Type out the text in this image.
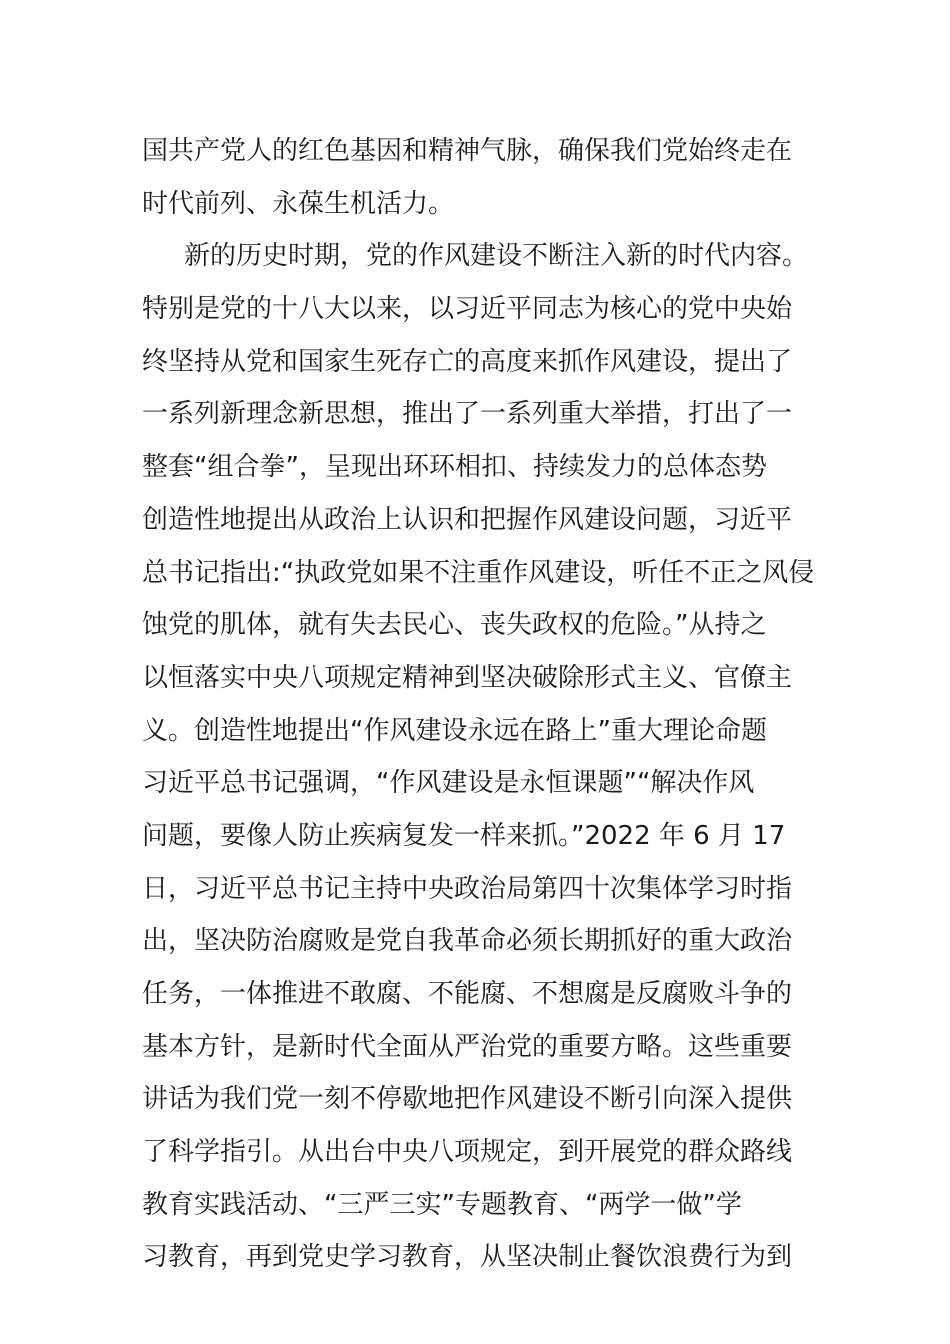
国共产党人的红色基因和精神气脉，确保我们党始终走在
时代前列、永葆生机活力。
新的历史时期，党的作风建设不断注入新的时代内容。
特别是党的十八大以来，以习近平同志为核心的党中央始
终坚持从党和国家生死存亡的高度来抓作风建设，提出了
一系列新理念新思想，推出了一系列重大举措，打出了一
整套“组合拳”，呈现出环环相扣、持续发力的总体态势
创造性地提出从政治上认识和把握作风建设问题，习近平
总书记指出:“执政党如果不注重作风建设，听任不正之风侵
蚀党的肌体，就有失去民心、丧失政权的危险。”从持之
以恒落实中央八项规定精神到坚决破除形式主义、官僚主
义。创造性地提出“作风建设永远在路上”重大理论命题
习近平总书记强调，“作风建设是永恒课题”“解决作风
问题，要像人防止疾病复发一样来抓。”2022 年 6 月 17
日，习近平总书记主持中央政治局第四十次集体学习时指
出，坚决防治腐败是党自我革命必须长期抓好的重大政治
任务，一体推进不敢腐、不能腐、不想腐是反腐败斗争的
基本方针，是新时代全面从严治党的重要方略。这些重要
讲话为我们党一刻不停歇地把作风建设不断引向深入提供
了科学指引。从出台中央八项规定，到开展党的群众路线
教育实践活动、“三严三实”专题教育、“两学一做”学
习教育，再到党史学习教育，从坚决制止餐饮浪费行为到
